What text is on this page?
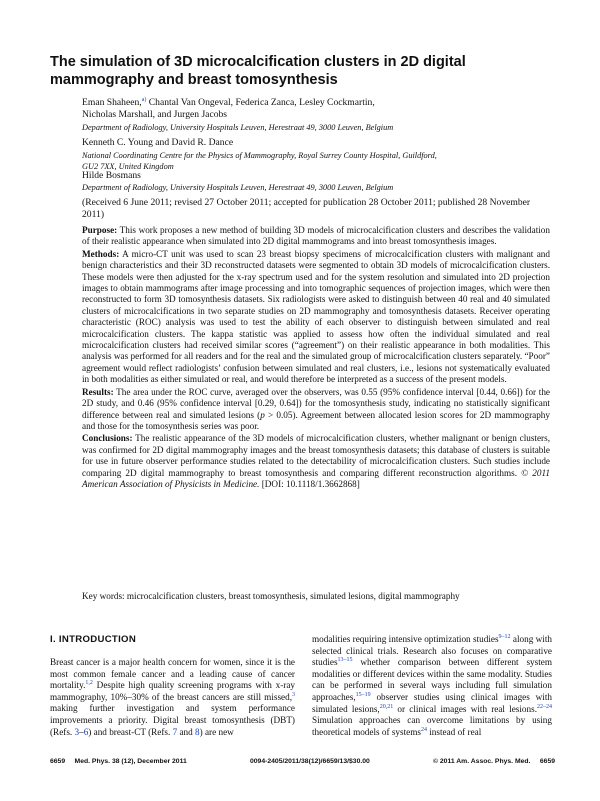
The simulation of 3D microcalcification clusters in 2D digital mammography and breast tomosynthesis
Eman Shaheen,$^{a)}$ Chantal Van Ongeval, Federica Zanca, Lesley Cockmartin,
Nicholas Marshall, and Jurgen Jacobs
Department of Radiology, University Hospitals Leuven, Herestraat 49, 3000 Leuven, Belgium
Kenneth C. Young and David R. Dance
National Coordinating Centre for the Physics of Mammography, Royal Surrey County Hospital, Guildford,
GU2 7XX, United Kingdom
Hilde Bosmans
Department of Radiology, University Hospitals Leuven, Herestraat 49, 3000 Leuven, Belgium
(Received 6 June 2011; revised 27 October 2011; accepted for publication 28 October 2011; published 28 November 2011)

Purpose: This work proposes a new method of building 3D models of microcalcification clusters and describes the validation of their realistic appearance when simulated into 2D digital mammograms and into breast tomosynthesis images.

Methods: A micro-CT unit was used to scan 23 breast biopsy specimens of microcalcification clusters with malignant and benign characteristics and their 3D reconstructed datasets were segmented to obtain 3D models of microcalcification clusters. These models were then adjusted for the x-ray spectrum used and for the system resolution and simulated into 2D projection images to obtain mammograms after image processing and into tomographic sequences of projection images, which were then reconstructed to form 3D tomosynthesis datasets. Six radiologists were asked to distinguish between 40 real and 40 simulated clusters of microcalcifications in two separate studies on 2D mammography and tomosynthesis datasets. Receiver operating characteristic (ROC) analysis was used to test the ability of each observer to distinguish between simulated and real microcalcification clusters. The kappa statistic was applied to assess how often the individual simulated and real microcalcification clusters had received similar scores (“agreement”) on their realistic appearance in both modalities. This analysis was performed for all readers and for the real and the simulated group of microcalcification clusters separately. “Poor” agreement would reflect radiologists’ confusion between simulated and real clusters, i.e., lesions not systematically evaluated in both modalities as either simulated or real, and would therefore be interpreted as a success of the present models.

Results: The area under the ROC curve, averaged over the observers, was 0.55 (95% confidence interval [0.44, 0.66]) for the 2D study, and 0.46 (95% confidence interval [0.29, 0.64]) for the tomosynthesis study, indicating no statistically significant difference between real and simulated lesions (p > 0.05). Agreement between allocated lesion scores for 2D mammography and those for the tomosynthesis series was poor.

Conclusions: The realistic appearance of the 3D models of microcalcification clusters, whether malignant or benign clusters, was confirmed for 2D digital mammography images and the breast tomosynthesis datasets; this database of clusters is suitable for use in future observer performance studies related to the detectability of microcalcification clusters. Such studies include comparing 2D digital mammography to breast tomosynthesis and comparing different reconstruction algorithms. © 2011 American Association of Physicists in Medicine. [DOI: 10.1118/1.3662868]

Key words: microcalcification clusters, breast tomosynthesis, simulated lesions, digital mammography
I. INTRODUCTION
Breast cancer is a major health concern for women, since it is the most common female cancer and a leading cause of cancer mortality.$^{1,2}$ Despite high quality screening programs with x-ray mammography, 10%–30% of the breast cancers are still missed,$^3$ making further investigation and system performance improvements a priority. Digital breast tomosynthesis (DBT) (Refs. 3–6) and breast-CT (Refs. 7 and 8) are new
modalities requiring intensive optimization studies$^{9-12}$ along with selected clinical trials. Research also focuses on comparative studies$^{13-15}$ whether comparison between different system modalities or different devices within the same modality. Studies can be performed in several ways including full simulation approaches,$^{15-19}$ observer studies using clinical images with simulated lesions,$^{20,21}$ or clinical images with real lesions.$^{22-24}$ Simulation approaches can overcome limitations by using theoretical models of systems$^{24}$ instead of real
6659     Med. Phys. 38 (12), December 2011	0094-2405/2011/38(12)/6659/13/$30.00	© 2011 Am. Assoc. Phys. Med.     6659
